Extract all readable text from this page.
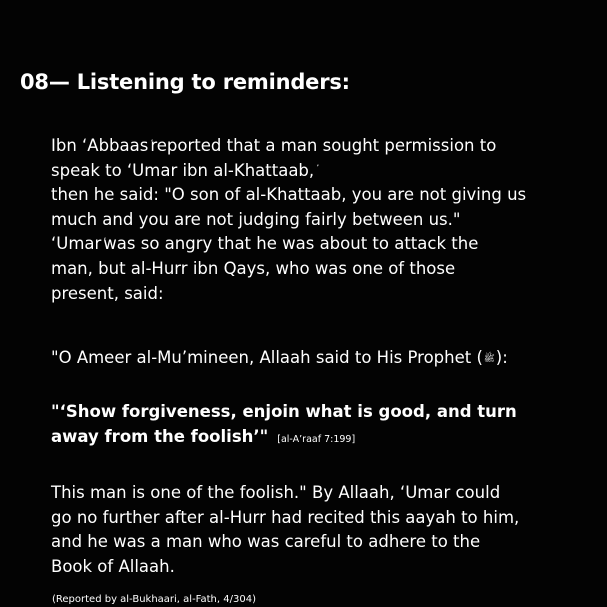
08— Listening to reminders:
Ibn ‘Abbaas reported that a man sought permission to
speak to ‘Umar ibn al-Khattaab,
then he said: "O son of al-Khattaab, you are not giving us
much and you are not judging fairly between us."
‘Umar was so angry that he was about to attack the
man, but al-Hurr ibn Qays, who was one of those
present, said:
"O Ameer al-Mu’mineen, Allaah said to His Prophet (ﷺ):
"‘Show forgiveness, enjoin what is good, and turn
away from the foolish’" [al-A’raaf 7:199]
This man is one of the foolish." By Allaah, ‘Umar could
go no further after al-Hurr had recited this aayah to him,
and he was a man who was careful to adhere to the
Book of Allaah.
(Reported by al-Bukhaari, al-Fath, 4/304)
